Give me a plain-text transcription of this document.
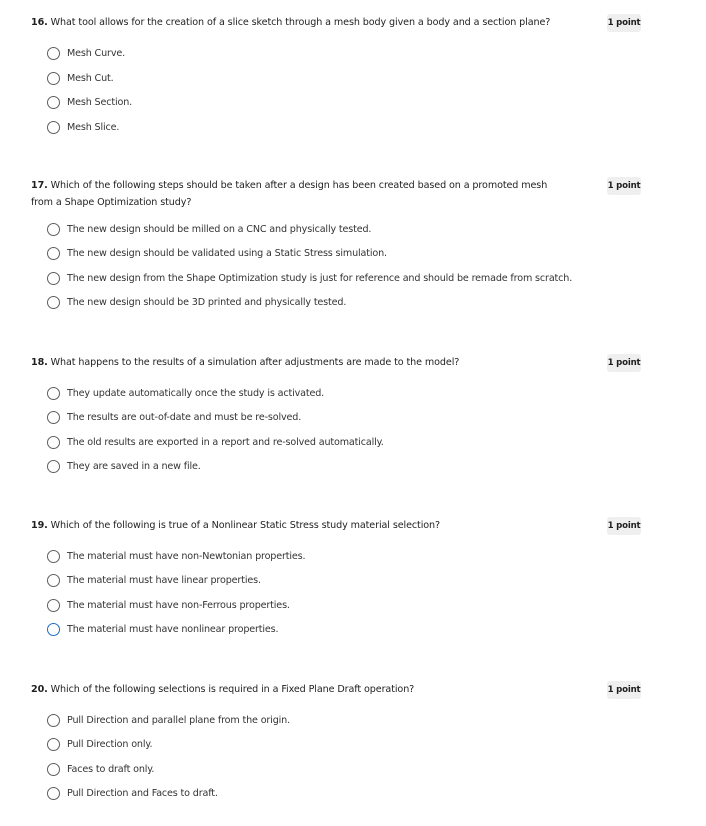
16. What tool allows for the creation of a slice sketch through a mesh body given a body and a section plane?	1 point
Mesh Curve.
Mesh Cut.
Mesh Section.
Mesh Slice.
17. Which of the following steps should be taken after a design has been created based on a promoted mesh from a Shape Optimization study?
1 point
The new design should be milled on a CNC and physically tested.
The new design should be validated using a Static Stress simulation.
The new design from the Shape Optimization study is just for reference and should be remade from scratch.
The new design should be 3D printed and physically tested.
18. What happens to the results of a simulation after adjustments are made to the model?	1 point
They update automatically once the study is activated.
The results are out-of-date and must be re-solved.
The old results are exported in a report and re-solved automatically.
They are saved in a new file.
19. Which of the following is true of a Nonlinear Static Stress study material selection?	1 point
The material must have non-Newtonian properties.
The material must have linear properties.
The material must have non-Ferrous properties.
The material must have nonlinear properties.
20. Which of the following selections is required in a Fixed Plane Draft operation?	1 point
Pull Direction and parallel plane from the origin.
Pull Direction only.
Faces to draft only.
Pull Direction and Faces to draft.
